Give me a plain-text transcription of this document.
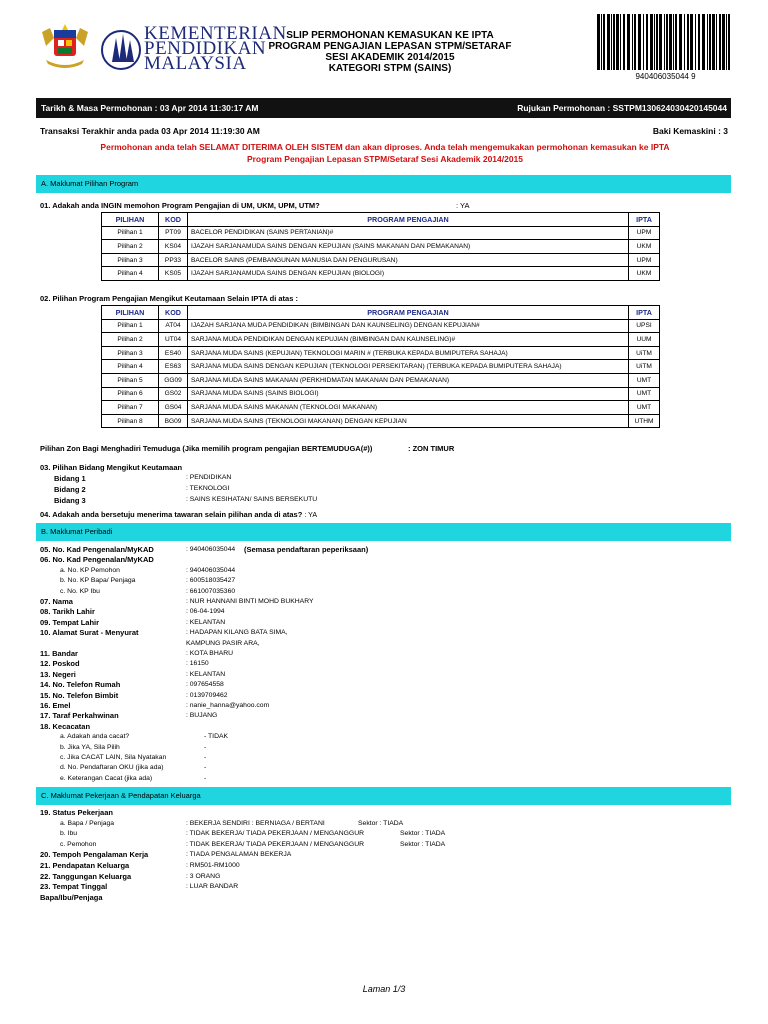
KEMENTERIAN
PENDIDIKAN
MALAYSIA
SLIP PERMOHONAN KEMASUKAN KE IPTA
PROGRAM PENGAJIAN LEPASAN STPM/SETARAF
SESI AKADEMIK 2014/2015
KATEGORI STPM (SAINS)
940406035044 9
Tarikh & Masa Permohonan : 03 Apr 2014 11:30:17 AM	Rujukan Permohonan : SSTPM130624030420145044
Transaksi Terakhir anda pada 03 Apr 2014 11:19:30 AM	Baki Kemaskini : 3
Permohonan anda telah SELAMAT DITERIMA OLEH SISTEM dan akan diproses. Anda telah mengemukakan permohonan kemasukan ke IPTA
Program Pengajian Lepasan STPM/Setaraf Sesi Akademik 2014/2015
A. Maklumat Pilihan Program
01. Adakah anda INGIN memohon Program Pengajian di UM, UKM, UPM, UTM?	: YA
PILIHAN	KOD	PROGRAM PENGAJIAN	IPTA
Pilihan 1	PT09	BACELOR PENDIDIKAN (SAINS PERTANIAN)#	UPM
Pilihan 2	KS04	IJAZAH SARJANAMUDA SAINS DENGAN KEPUJIAN (SAINS MAKANAN DAN PEMAKANAN)	UKM
Pilihan 3	PP33	BACELOR SAINS (PEMBANGUNAN MANUSIA DAN PENGURUSAN)	UPM
Pilihan 4	KS05	IJAZAH SARJANAMUDA SAINS DENGAN KEPUJIAN (BIOLOGI)	UKM
02. Pilihan Program Pengajian Mengikut Keutamaan Selain IPTA di atas :
PILIHAN	KOD	PROGRAM PENGAJIAN	IPTA
Pilihan 1	AT04	IJAZAH SARJANA MUDA PENDIDIKAN (BIMBINGAN DAN KAUNSELING) DENGAN KEPUJIAN#	UPSI
Pilihan 2	UT04	SARJANA MUDA PENDIDIKAN DENGAN KEPUJIAN (BIMBINGAN DAN KAUNSELING)#	UUM
Pilihan 3	ES40	SARJANA MUDA SAINS (KEPUJIAN) TEKNOLOGI MARIN # (TERBUKA KEPADA BUMIPUTERA SAHAJA)	UiTM
Pilihan 4	ES63	SARJANA MUDA SAINS DENGAN KEPUJIAN (TEKNOLOGI PERSEKITARAN) (TERBUKA KEPADA BUMIPUTERA SAHAJA)	UiTM
Pilihan 5	GG09	SARJANA MUDA SAINS MAKANAN (PERKHIDMATAN MAKANAN DAN PEMAKANAN)	UMT
Pilihan 6	GS02	SARJANA MUDA SAINS (SAINS BIOLOGI)	UMT
Pilihan 7	GS04	SARJANA MUDA SAINS MAKANAN (TEKNOLOGI MAKANAN)	UMT
Pilihan 8	BG09	SARJANA MUDA SAINS (TEKNOLOGI MAKANAN) DENGAN KEPUJIAN	UTHM
Pilihan Zon Bagi Menghadiri Temuduga (Jika memilih program pengajian BERTEMUDUGA(#))	: ZON TIMUR
03. Pilihan Bidang Mengikut Keutamaan
Bidang 1	: PENDIDIKAN
Bidang 2	: TEKNOLOGI
Bidang 3	: SAINS KESIHATAN/ SAINS BERSEKUTU
04. Adakah anda bersetuju menerima tawaran selain pilihan anda di atas? : YA
B. Maklumat Peribadi
05. No. Kad Pengenalan/MyKAD	: 940406035044 (Semasa pendaftaran peperiksaan)
06. No. Kad Pengenalan/MyKAD
a. No. KP Pemohon	: 940406035044
b. No. KP Bapa/ Penjaga	: 600518035427
c. No. KP Ibu	: 661007035360
07. Nama	: NUR HANNANI BINTI MOHD BUKHARY
08. Tarikh Lahir	: 06-04-1994
09. Tempat Lahir	: KELANTAN
10. Alamat Surat - Menyurat	: HADAPAN KILANG BATA SIMA,
KAMPUNG PASIR ARA,
11. Bandar	: KOTA BHARU
12. Poskod	: 16150
13. Negeri	: KELANTAN
14. No. Telefon Rumah	: 097654558
15. No. Telefon Bimbit	: 0139709462
16. Emel	: nanie_hanna@yahoo.com
17. Taraf Perkahwinan	: BUJANG
18. Kecacatan
a. Adakah anda cacat?	- TIDAK
b. Jika YA, Sila Pilih	-
c. Jika CACAT LAIN, Sila Nyatakan	-
d. No. Pendaftaran OKU (jika ada)	-
e. Keterangan Cacat (jika ada)	-
C. Maklumat Pekerjaan & Pendapatan Keluarga
19. Status Pekerjaan
a. Bapa / Penjaga	: BEKERJA SENDIRI : BERNIAGA / BERTANI	Sektor : TIADA
b. Ibu	: TIDAK BEKERJA/ TIADA PEKERJAAN / MENGANGGUR	Sektor : TIADA
c. Pemohon	: TIDAK BEKERJA/ TIADA PEKERJAAN / MENGANGGUR	Sektor : TIADA
20. Tempoh Pengalaman Kerja	: TIADA PENGALAMAN BEKERJA
21. Pendapatan Keluarga	: RM501-RM1000
22. Tanggungan Keluarga	: 3 ORANG
23. Tempat Tinggal	: LUAR BANDAR
Bapa/Ibu/Penjaga
Laman 1/3
